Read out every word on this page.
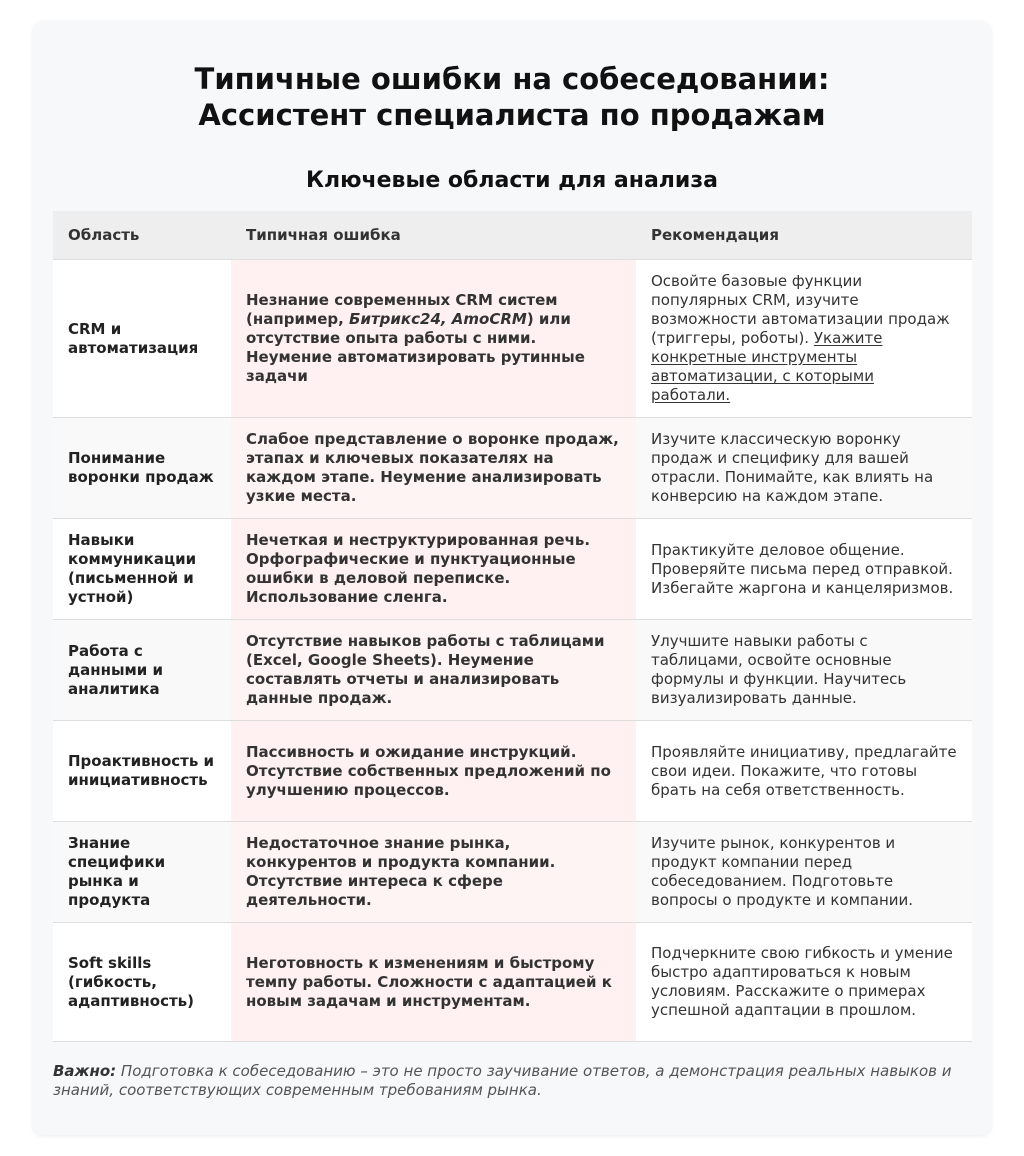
Типичные ошибки на собеседовании:
Ассистент специалиста по продажам
Ключевые области для анализа
Область	Типичная ошибка	Рекомендация
CRM и автоматизация	Незнание современных CRM систем (например, Битрикс24, AmoCRM) или отсутствие опыта работы с ними. Неумение автоматизировать рутинные задачи	Освойте базовые функции популярных CRM, изучите возможности автоматизации продаж (триггеры, роботы). Укажите конкретные инструменты автоматизации, с которыми работали.
Понимание воронки продаж	Слабое представление о воронке продаж, этапах и ключевых показателях на каждом этапе. Неумение анализировать узкие места.	Изучите классическую воронку продаж и специфику для вашей отрасли. Понимайте, как влиять на конверсию на каждом этапе.
Навыки коммуникации (письменной и устной)	Нечеткая и неструктурированная речь. Орфографические и пунктуационные ошибки в деловой переписке. Использование сленга.	Практикуйте деловое общение. Проверяйте письма перед отправкой. Избегайте жаргона и канцеляризмов.
Работа с данными и аналитика	Отсутствие навыков работы с таблицами (Excel, Google Sheets). Неумение составлять отчеты и анализировать данные продаж.	Улучшите навыки работы с таблицами, освойте основные формулы и функции. Научитесь визуализировать данные.
Проактивность и инициативность	Пассивность и ожидание инструкций. Отсутствие собственных предложений по улучшению процессов.	Проявляйте инициативу, предлагайте свои идеи. Покажите, что готовы брать на себя ответственность.
Знание специфики рынка и продукта	Недостаточное знание рынка, конкурентов и продукта компании. Отсутствие интереса к сфере деятельности.	Изучите рынок, конкурентов и продукт компании перед собеседованием. Подготовьте вопросы о продукте и компании.
Soft skills (гибкость, адаптивность)	Неготовность к изменениям и быстрому темпу работы. Сложности с адаптацией к новым задачам и инструментам.	Подчеркните свою гибкость и умение быстро адаптироваться к новым условиям. Расскажите о примерах успешной адаптации в прошлом.

Важно: Подготовка к собеседованию – это не просто заучивание ответов, а демонстрация реальных навыков и знаний, соответствующих современным требованиям рынка.
